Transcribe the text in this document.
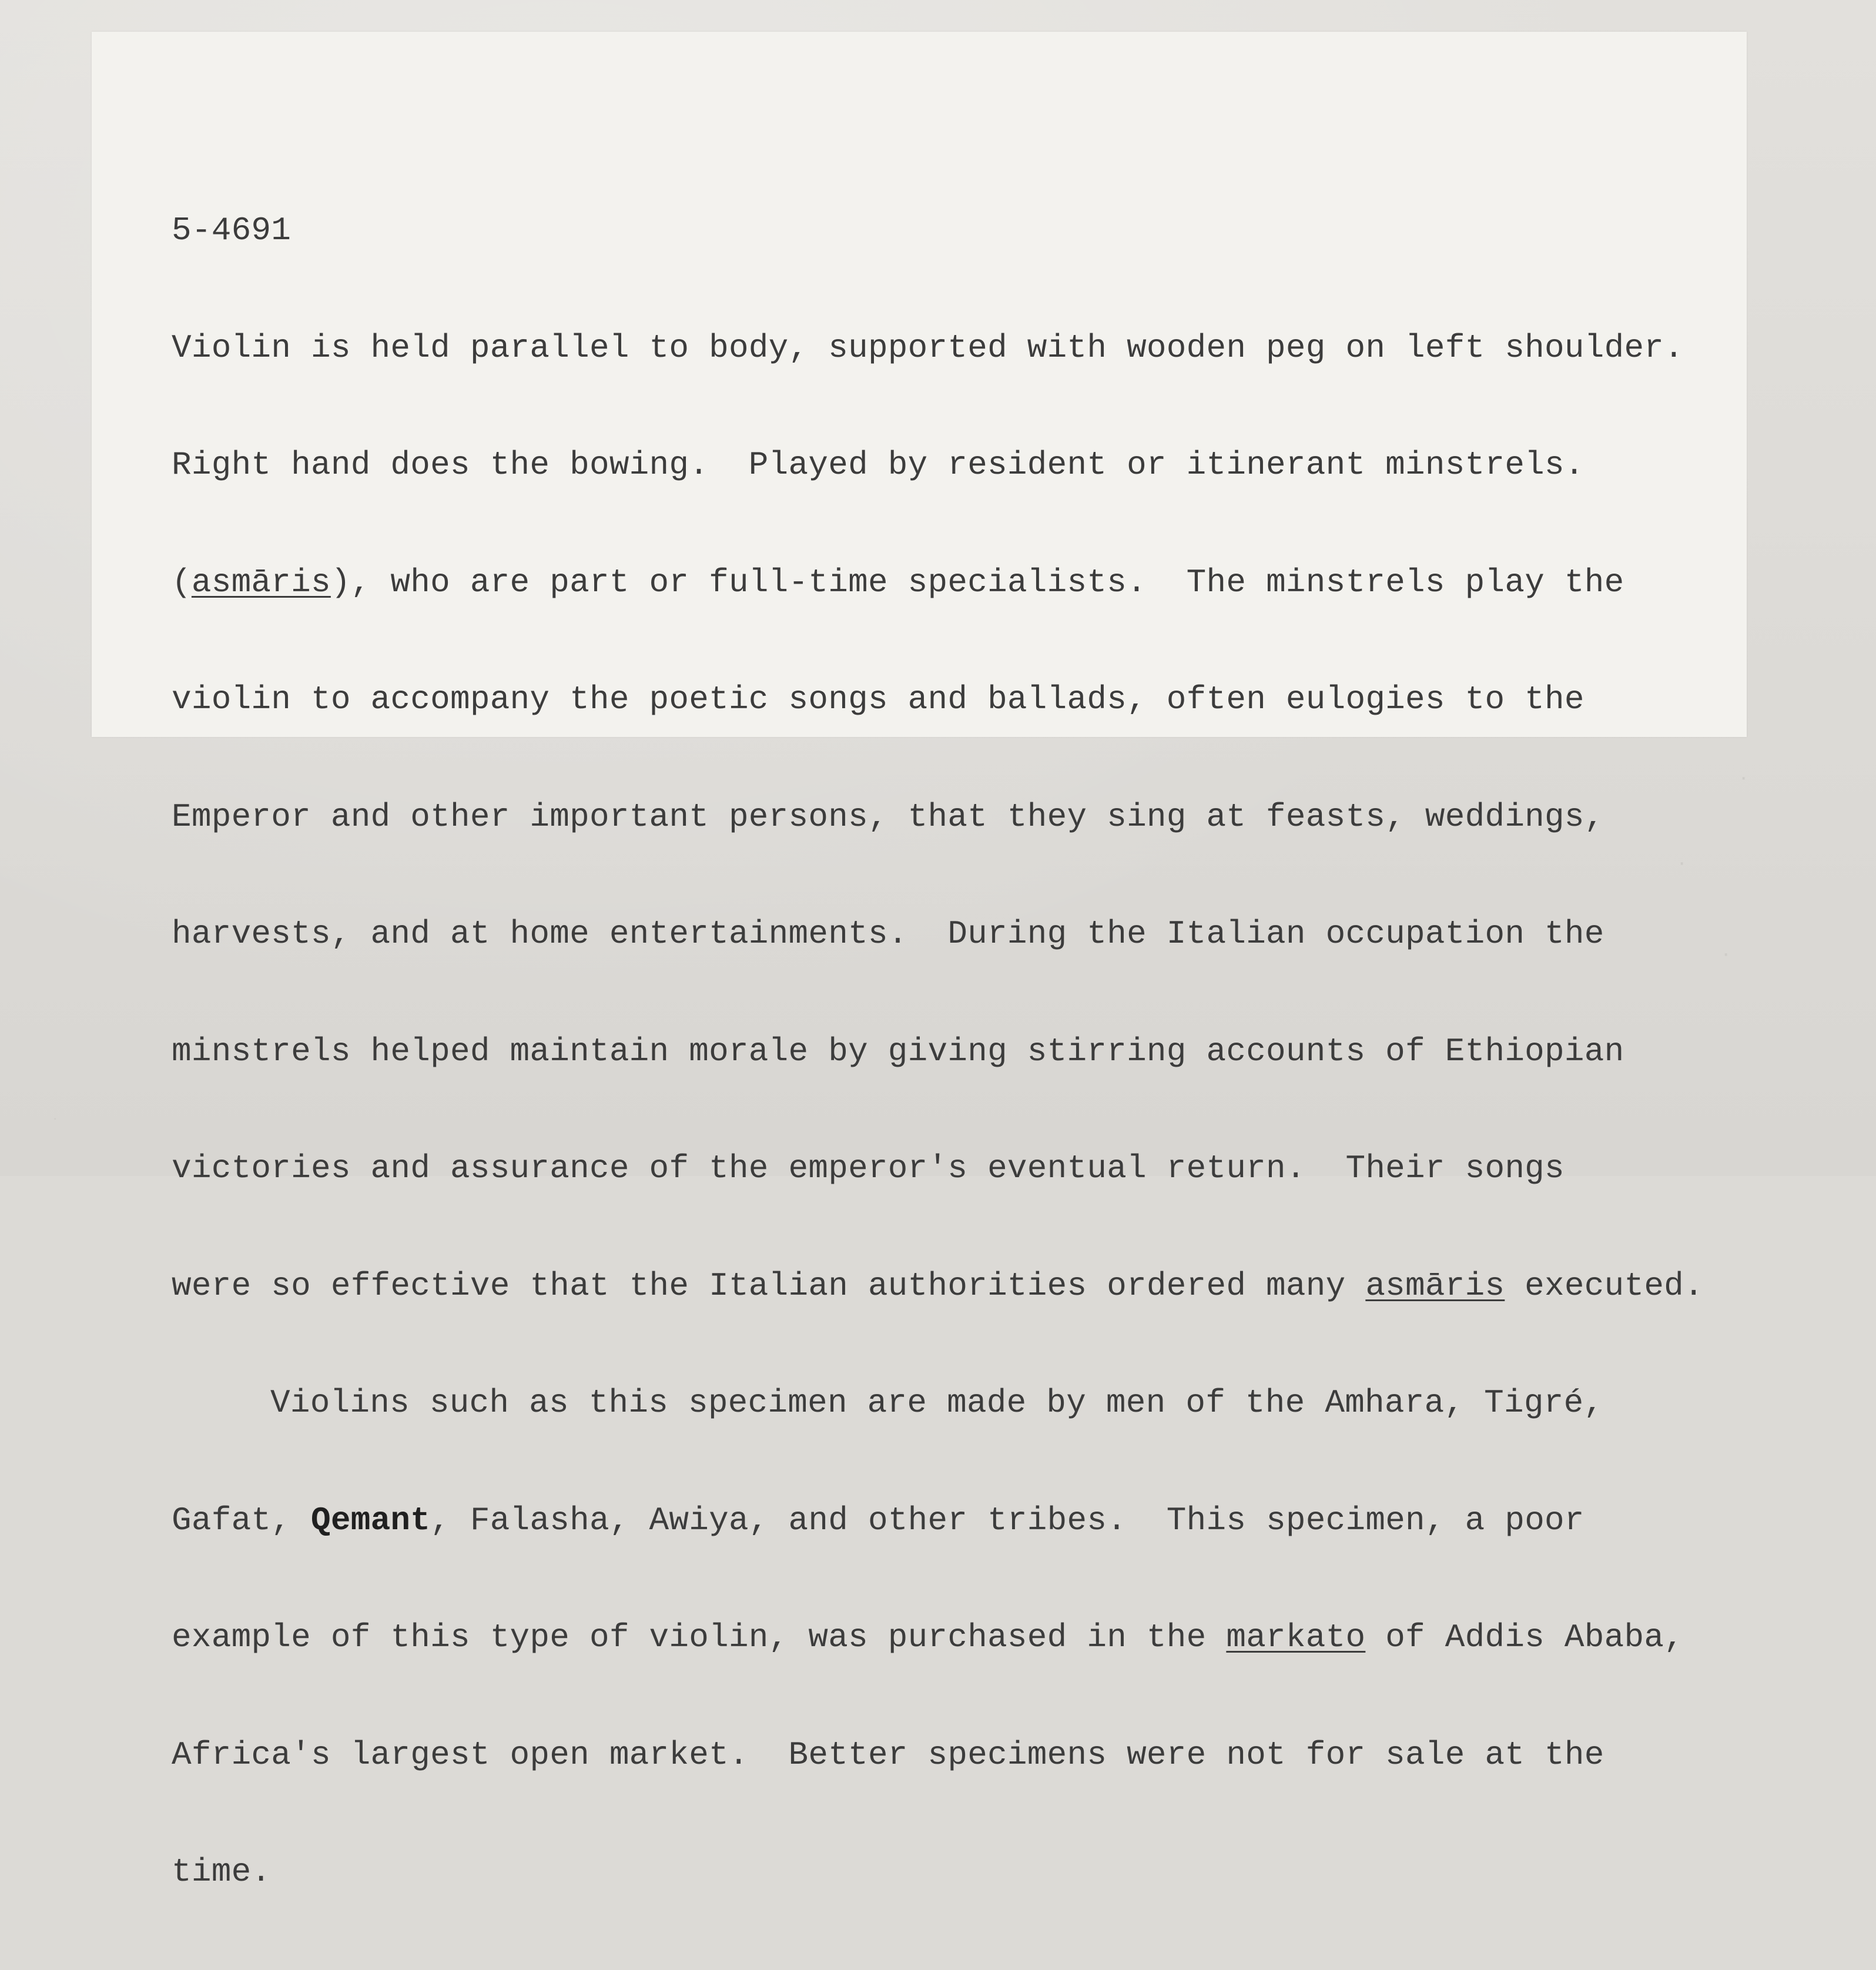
·
·
·
·

5-4691

Violin is held parallel to body, supported with wooden peg on left shoulder.

Right hand does the bowing.  Played by resident or itinerant minstrels.

(asmāris), who are part or full-time specialists.  The minstrels play the

violin to accompany the poetic songs and ballads, often eulogies to the

Emperor and other important persons, that they sing at feasts, weddings,

harvests, and at home entertainments.  During the Italian occupation the

minstrels helped maintain morale by giving stirring accounts of Ethiopian

victories and assurance of the emperor's eventual return.  Their songs

were so effective that the Italian authorities ordered many asmāris executed.

Violins such as this specimen are made by men of the Amhara, Tigré,

Gafat, Qemant, Falasha, Awiya, and other tribes.  This specimen, a poor

example of this type of violin, was purchased in the markato of Addis Ababa,

Africa's largest open market.  Better specimens were not for sale at the

time.
